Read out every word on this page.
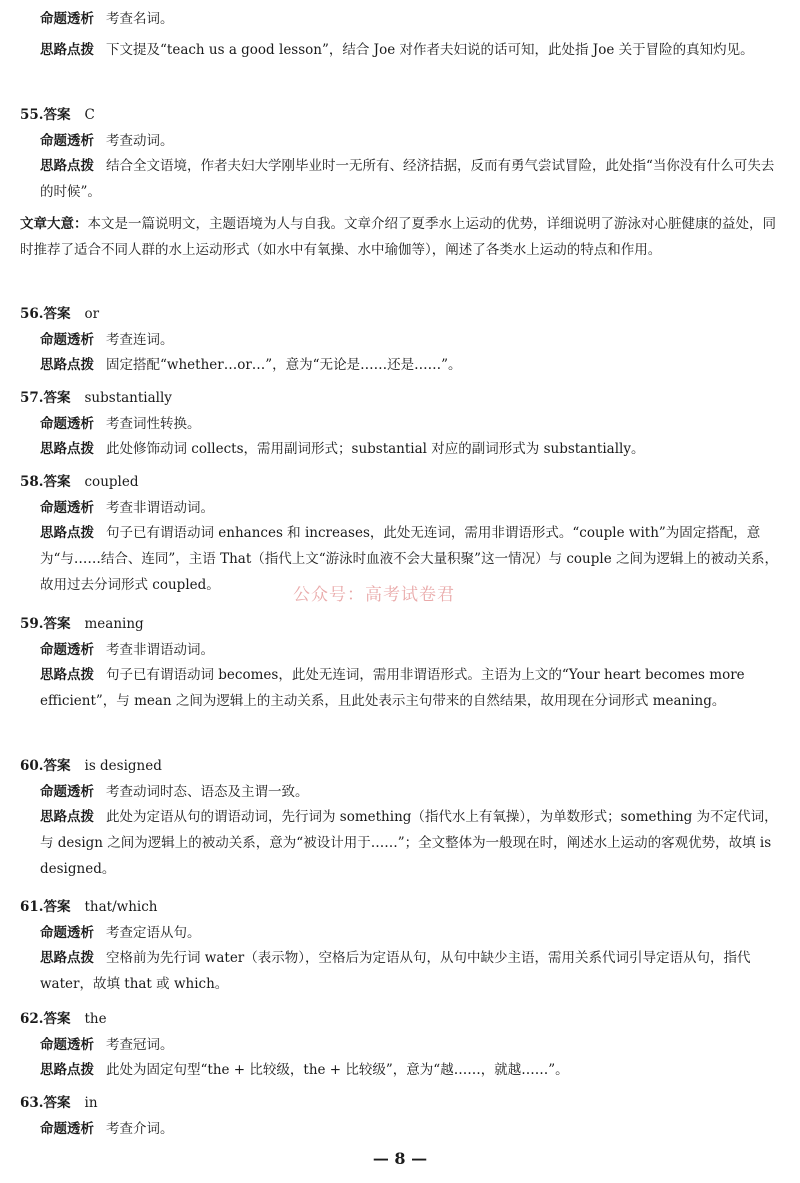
命题透析 考查名词。
思路点拨 下文提及“teach us a good lesson”，结合 Joe 对作者夫妇说的话可知，此处指 Joe 关于冒险的真知灼见。
55.答案 C
命题透析 考查动词。
思路点拨 结合全文语境，作者夫妇大学刚毕业时一无所有、经济拮据，反而有勇气尝试冒险，此处指“当你没有什么可失去的时候”。
文章大意：本文是一篇说明文，主题语境为人与自我。文章介绍了夏季水上运动的优势，详细说明了游泳对心脏健康的益处，同时推荐了适合不同人群的水上运动形式（如水中有氧操、水中瑜伽等），阐述了各类水上运动的特点和作用。
56.答案 or
命题透析 考查连词。
思路点拨 固定搭配“whether…or…”，意为“无论是……还是……”。
57.答案 substantially
命题透析 考查词性转换。
思路点拨 此处修饰动词 collects，需用副词形式；substantial 对应的副词形式为 substantially。
58.答案 coupled
命题透析 考查非谓语动词。
思路点拨 句子已有谓语动词 enhances 和 increases，此处无连词，需用非谓语形式。“couple with”为固定搭配，意为“与……结合、连同”，主语 That（指代上文“游泳时血液不会大量积聚”这一情况）与 couple 之间为逻辑上的被动关系，故用过去分词形式 coupled。
59.答案 meaning
命题透析 考查非谓语动词。
思路点拨 句子已有谓语动词 becomes，此处无连词，需用非谓语形式。主语为上文的“Your heart becomes more efficient”，与 mean 之间为逻辑上的主动关系，且此处表示主句带来的自然结果，故用现在分词形式 meaning。
60.答案 is designed
命题透析 考查动词时态、语态及主谓一致。
思路点拨 此处为定语从句的谓语动词，先行词为 something（指代水上有氧操），为单数形式；something 为不定代词，与 design 之间为逻辑上的被动关系，意为“被设计用于……”；全文整体为一般现在时，阐述水上运动的客观优势，故填 is designed。
61.答案 that/which
命题透析 考查定语从句。
思路点拨 空格前为先行词 water（表示物），空格后为定语从句，从句中缺少主语，需用关系代词引导定语从句，指代 water，故填 that 或 which。
62.答案 the
命题透析 考查冠词。
思路点拨 此处为固定句型“the + 比较级，the + 比较级”，意为“越……，就越……”。
63.答案 in
命题透析 考查介词。
公众号：高考试卷君
— 8 —
